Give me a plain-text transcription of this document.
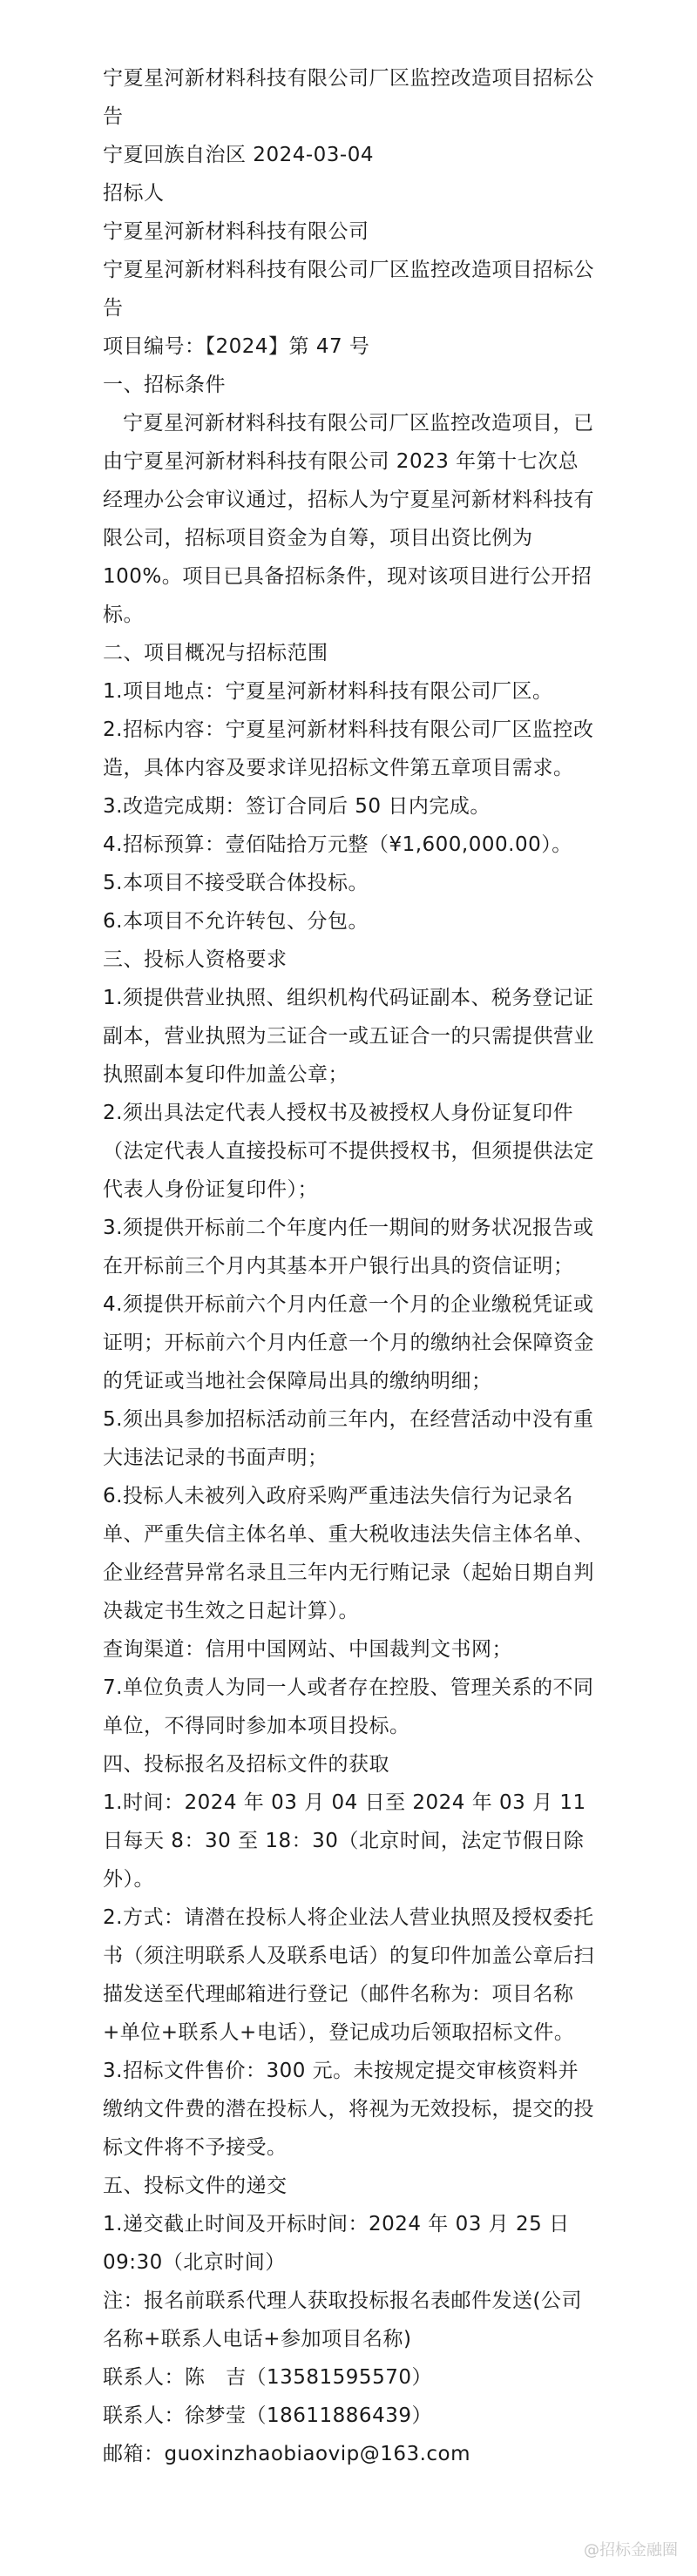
宁夏星河新材料科技有限公司厂区监控改造项目招标公告

宁夏回族自治区 2024-03-04

招标人

宁夏星河新材料科技有限公司

宁夏星河新材料科技有限公司厂区监控改造项目招标公告

项目编号：【2024】第 47 号

一、招标条件

宁夏星河新材料科技有限公司厂区监控改造项目，已由宁夏星河新材料科技有限公司 2023 年第十七次总经理办公会审议通过，招标人为宁夏星河新材料科技有限公司，招标项目资金为自筹，项目出资比例为 100%。项目已具备招标条件，现对该项目进行公开招标。

二、项目概况与招标范围

1.项目地点：宁夏星河新材料科技有限公司厂区。

2.招标内容：宁夏星河新材料科技有限公司厂区监控改造，具体内容及要求详见招标文件第五章项目需求。

3.改造完成期：签订合同后 50 日内完成。

4.招标预算：壹佰陆拾万元整（¥1,600,000.00）。

5.本项目不接受联合体投标。

6.本项目不允许转包、分包。

三、投标人资格要求

1.须提供营业执照、组织机构代码证副本、税务登记证副本，营业执照为三证合一或五证合一的只需提供营业执照副本复印件加盖公章；

2.须出具法定代表人授权书及被授权人身份证复印件（法定代表人直接投标可不提供授权书，但须提供法定代表人身份证复印件）；

3.须提供开标前二个年度内任一期间的财务状况报告或在开标前三个月内其基本开户银行出具的资信证明；

4.须提供开标前六个月内任意一个月的企业缴税凭证或证明；开标前六个月内任意一个月的缴纳社会保障资金的凭证或当地社会保障局出具的缴纳明细；

5.须出具参加招标活动前三年内，在经营活动中没有重大违法记录的书面声明；

6.投标人未被列入政府采购严重违法失信行为记录名单、严重失信主体名单、重大税收违法失信主体名单、企业经营异常名录且三年内无行贿记录（起始日期自判决裁定书生效之日起计算）。

查询渠道：信用中国网站、中国裁判文书网；

7.单位负责人为同一人或者存在控股、管理关系的不同单位，不得同时参加本项目投标。

四、投标报名及招标文件的获取

1.时间：2024 年 03 月 04 日至 2024 年 03 月 11 日每天 8：30 至 18：30（北京时间，法定节假日除外）。

2.方式：请潜在投标人将企业法人营业执照及授权委托书（须注明联系人及联系电话）的复印件加盖公章后扫描发送至代理邮箱进行登记（邮件名称为：项目名称+单位+联系人+电话），登记成功后领取招标文件。

3.招标文件售价：300 元。未按规定提交审核资料并缴纳文件费的潜在投标人，将视为无效投标，提交的投标文件将不予接受。

五、投标文件的递交

1.递交截止时间及开标时间：2024 年 03 月 25 日 09:30（北京时间）

注：报名前联系代理人获取投标报名表邮件发送(公司名称+联系人电话+参加项目名称)

联系人：陈　吉（13581595570）

联系人：徐梦莹（18611886439）

邮箱：guoxinzhaobiaovip@163.com

@招标金融圈
